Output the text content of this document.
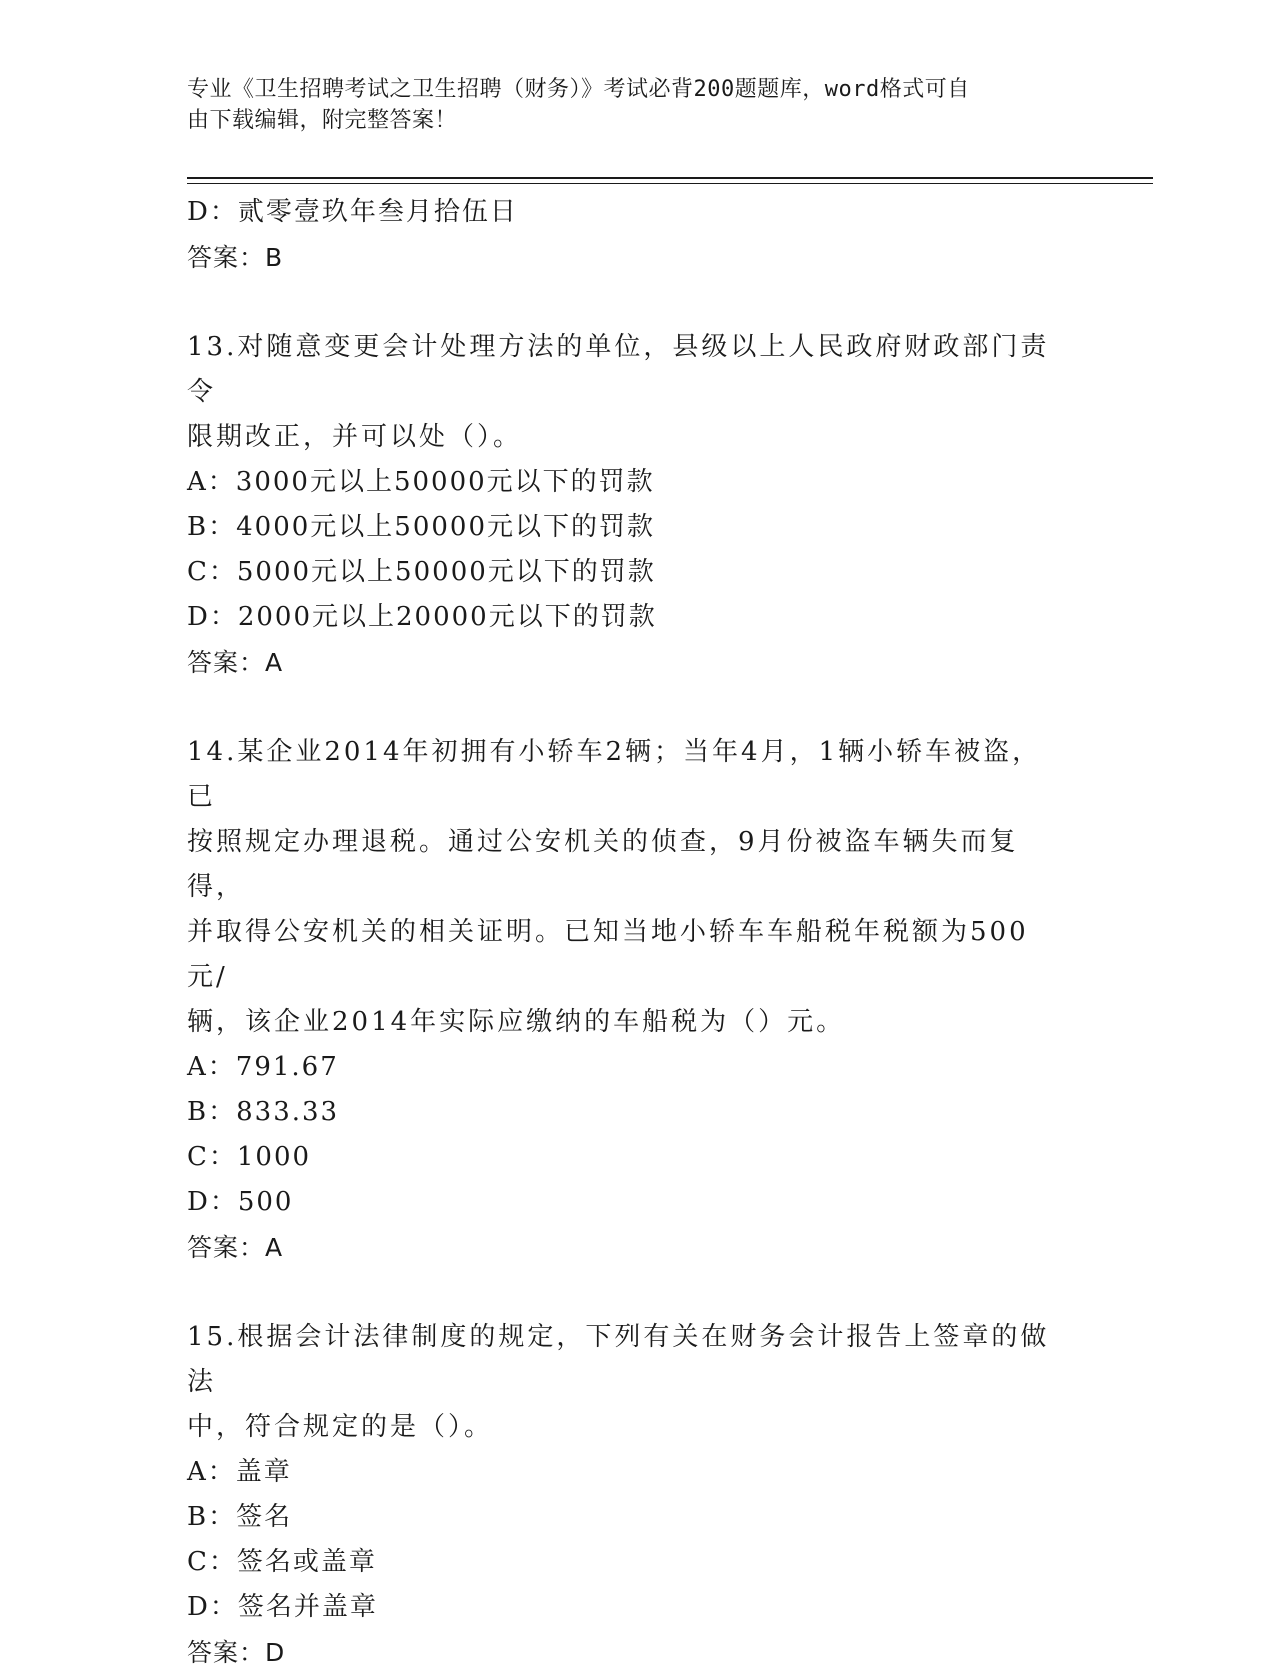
专业《卫生招聘考试之卫生招聘（财务）》考试必背200题题库，word格式可自
由下载编辑，附完整答案！
D：贰零壹玖年叁月拾伍日
答案：B
13.对随意变更会计处理方法的单位，县级以上人民政府财政部门责令
限期改正，并可以处（）。
A：3000元以上50000元以下的罚款
B：4000元以上50000元以下的罚款
C：5000元以上50000元以下的罚款
D：2000元以上20000元以下的罚款
答案：A
14.某企业2014年初拥有小轿车2辆；当年4月，1辆小轿车被盗，已
按照规定办理退税。通过公安机关的侦查，9月份被盗车辆失而复得，
并取得公安机关的相关证明。已知当地小轿车车船税年税额为500元/
辆，该企业2014年实际应缴纳的车船税为（）元。
A：791.67
B：833.33
C：1000
D：500
答案：A
15.根据会计法律制度的规定，下列有关在财务会计报告上签章的做法
中，符合规定的是（）。
A：盖章
B：签名
C：签名或盖章
D：签名并盖章
答案：D
